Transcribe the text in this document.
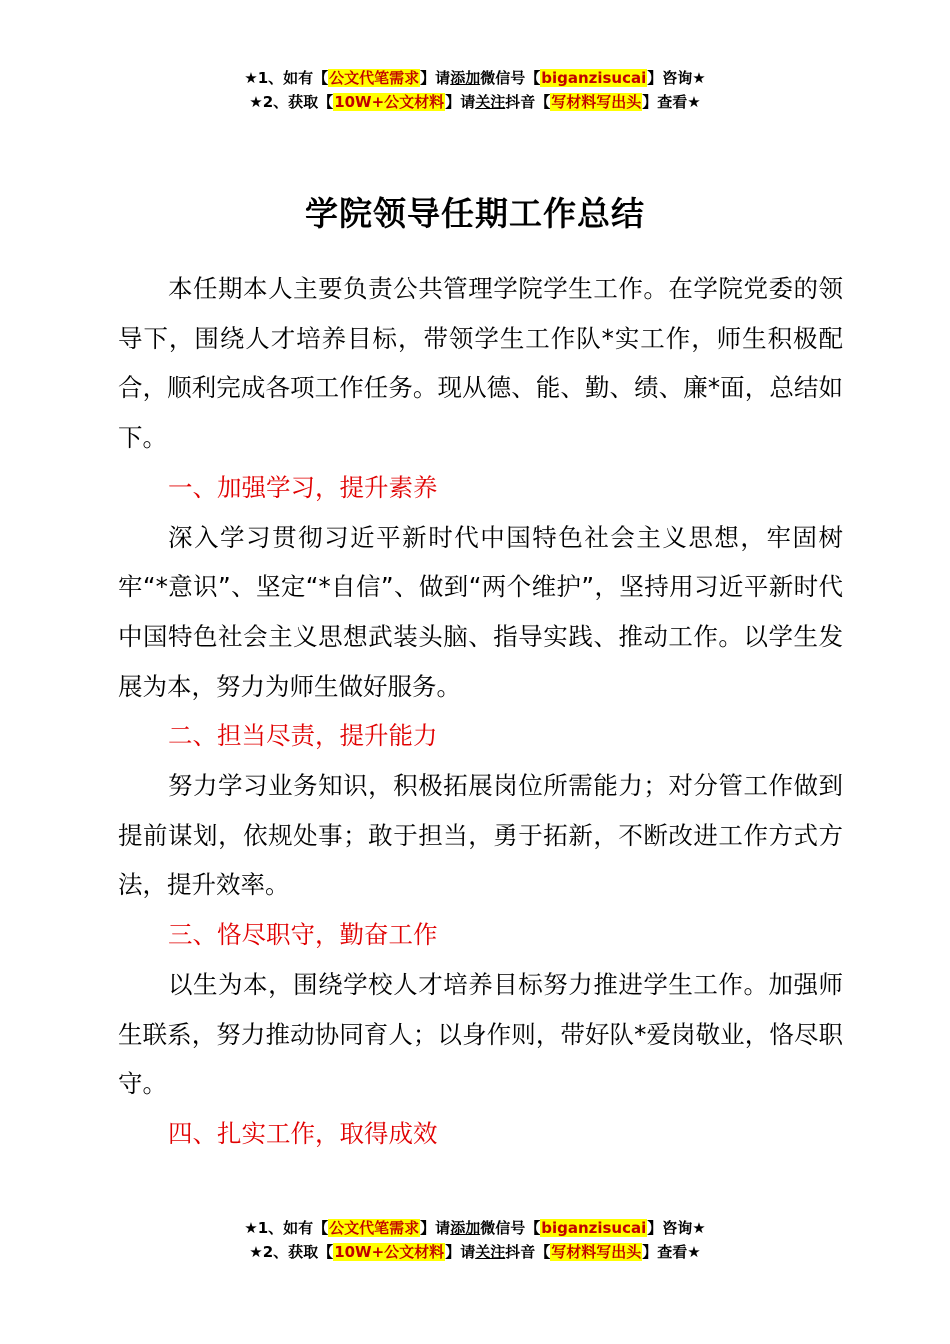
★1、如有【公文代笔需求】请添加微信号【biganzisucai】咨询★
★2、获取【10W+公文材料】请关注抖音【写材料写出头】查看★
学院领导任期工作总结

本任期本人主要负责公共管理学院学生工作。在学院党委的领导下，围绕人才培养目标，带领学生工作队*实工作，师生积极配合，顺利完成各项工作任务。现从德、能、勤、绩、廉*面，总结如下。

一、加强学习，提升素养

深入学习贯彻习近平新时代中国特色社会主义思想，牢固树牢“*意识”、坚定“*自信”、做到“两个维护”，坚持用习近平新时代中国特色社会主义思想武装头脑、指导实践、推动工作。以学生发展为本，努力为师生做好服务。

二、担当尽责，提升能力

努力学习业务知识，积极拓展岗位所需能力；对分管工作做到提前谋划，依规处事；敢于担当，勇于拓新，不断改进工作方式方法，提升效率。

三、恪尽职守，勤奋工作

以生为本，围绕学校人才培养目标努力推进学生工作。加强师生联系，努力推动协同育人；以身作则，带好队*爱岗敬业，恪尽职守。

四、扎实工作，取得成效

★1、如有【公文代笔需求】请添加微信号【biganzisucai】咨询★
★2、获取【10W+公文材料】请关注抖音【写材料写出头】查看★
